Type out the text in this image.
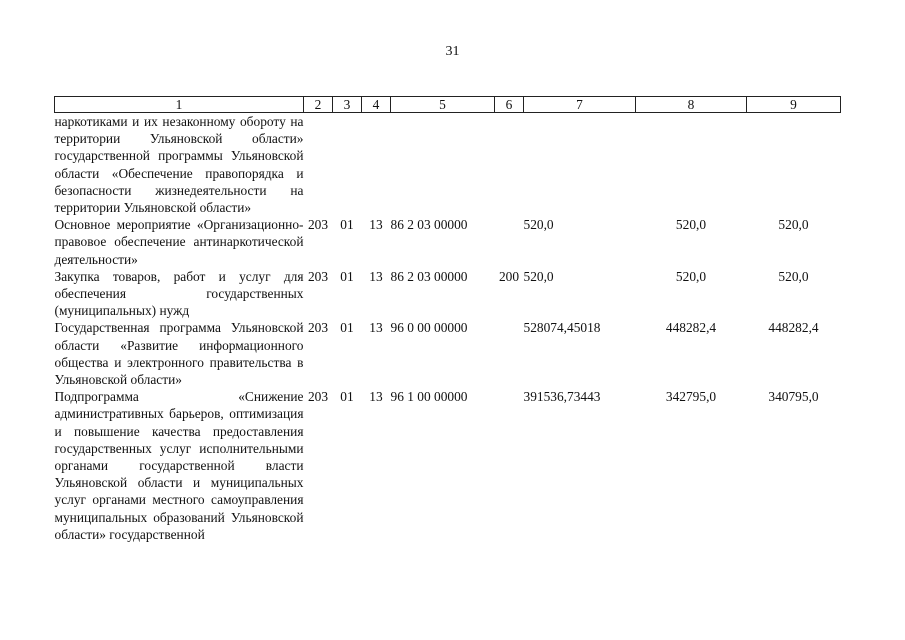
31
1	2	3	4	5	6	7	8	9
наркотиками и их незаконному обороту на территории Ульяновской области» государственной программы Ульяновской области «Обеспечение правопорядка и безопасности жизнедеятельности на территории Ульяновской области»								
Основное мероприятие «Организационно-правовое обеспечение антинаркотической деятельности»	203	01	13	86 2 03 00000		520,0	520,0	520,0
Закупка товаров, работ и услуг для обеспечения государственных (муниципальных) нужд	203	01	13	86 2 03 00000	200	520,0	520,0	520,0
Государственная программа Ульяновской области «Развитие информационного общества и электронного правительства в Ульяновской области»	203	01	13	96 0 00 00000		528074,45018	448282,4	448282,4
Подпрограмма «Снижение административных барьеров, оптимизация и повышение качества предоставления государственных услуг исполнительными органами государственной власти Ульяновской области и муниципальных услуг органами местного самоуправления муниципальных образований Ульяновской области» государственной	203	01	13	96 1 00 00000		391536,73443	342795,0	340795,0
